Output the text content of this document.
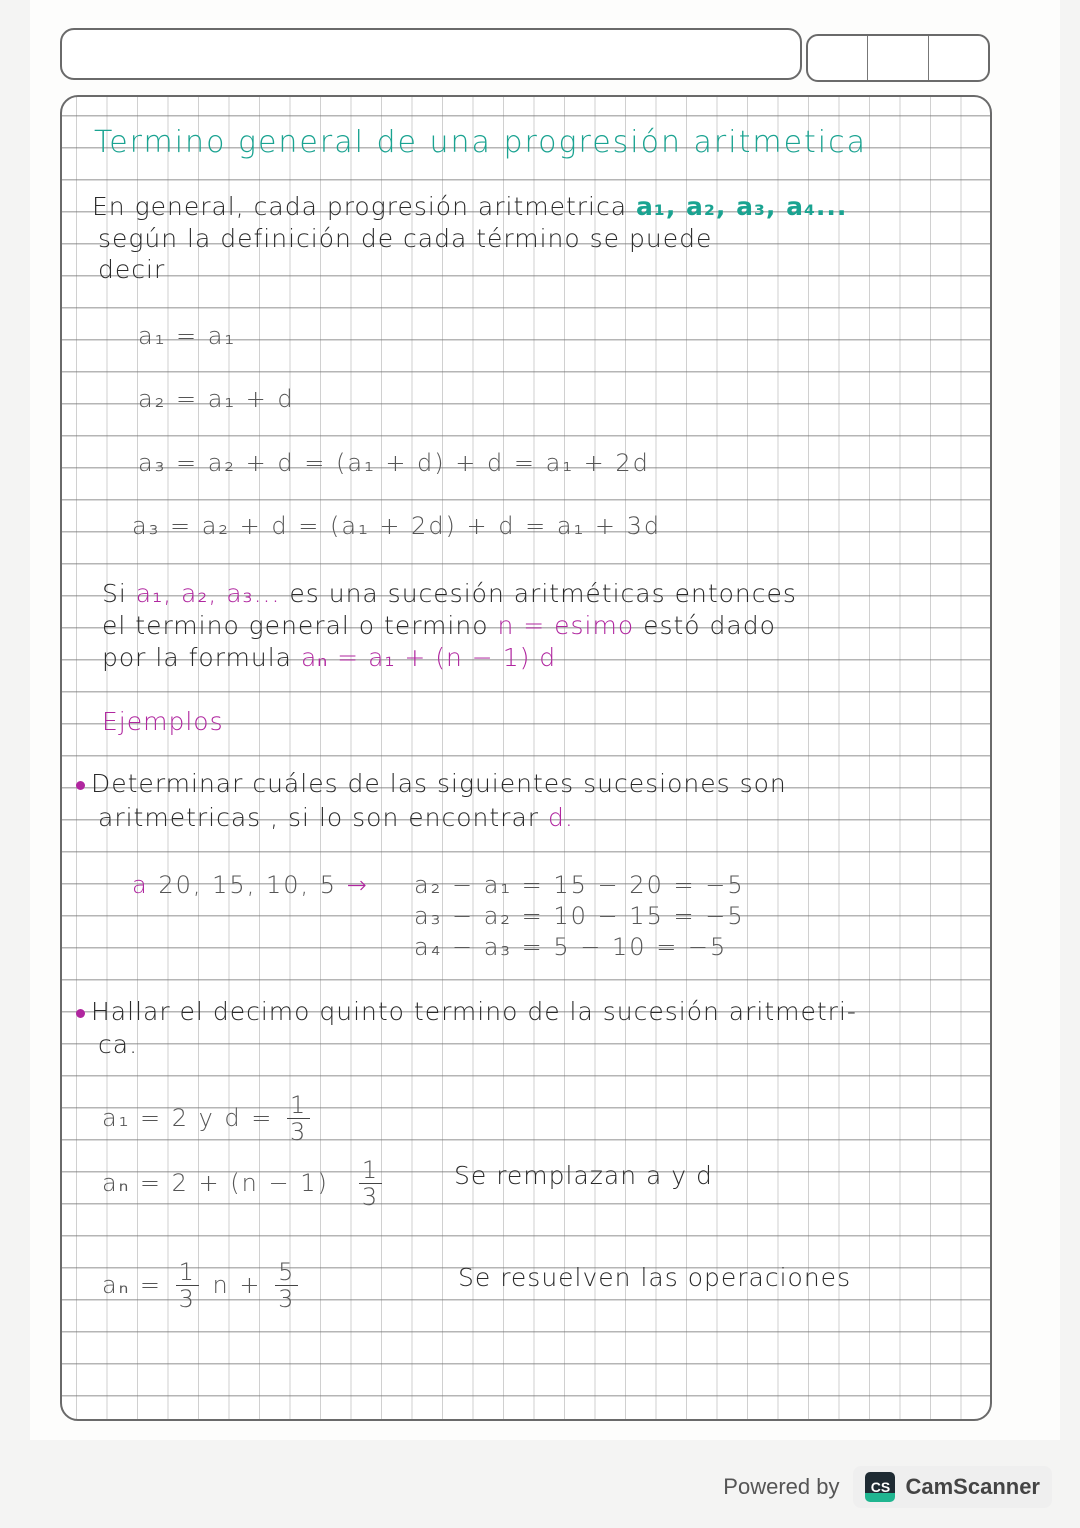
Termino general de una progresión aritmetica
En general, cada progresión aritmetrica a₁, a₂, a₃, a₄...
según la definición de cada término se puede
decir
a₁ = a₁
a₂ = a₁ + d
a₃ = a₂ + d = (a₁ + d) + d = a₁ + 2d
a₃ = a₂ + d = (a₁ + 2d) + d = a₁ + 3d
Si a₁, a₂, a₃... es una sucesión aritméticas entonces
el termino general o termino n = esimo estó dado
por la formula aₙ = a₁ + (n − 1) d
Ejemplos
Determinar cuáles de las siguientes sucesiones son
aritmetricas , si lo son encontrar d.
a 20, 15, 10, 5 → a₂ − a₁ = 15 − 20 = −5
a₃ − a₂ = 10 − 15 = −5
a₄ − a₃ = 5 − 10 = −5
Hallar el decimo quinto termino de la sucesión aritmetri-
ca.
a₁ = 2 y $d = \frac{1}{3}$
$a_n = 2 + (n - 1) \frac{1}{3}$	Se remplazan a y d
$a_n = \frac{1}{3}$ $n + \frac{5}{3}$	Se resuelven las operaciones
Powered by	CS CamScanner
